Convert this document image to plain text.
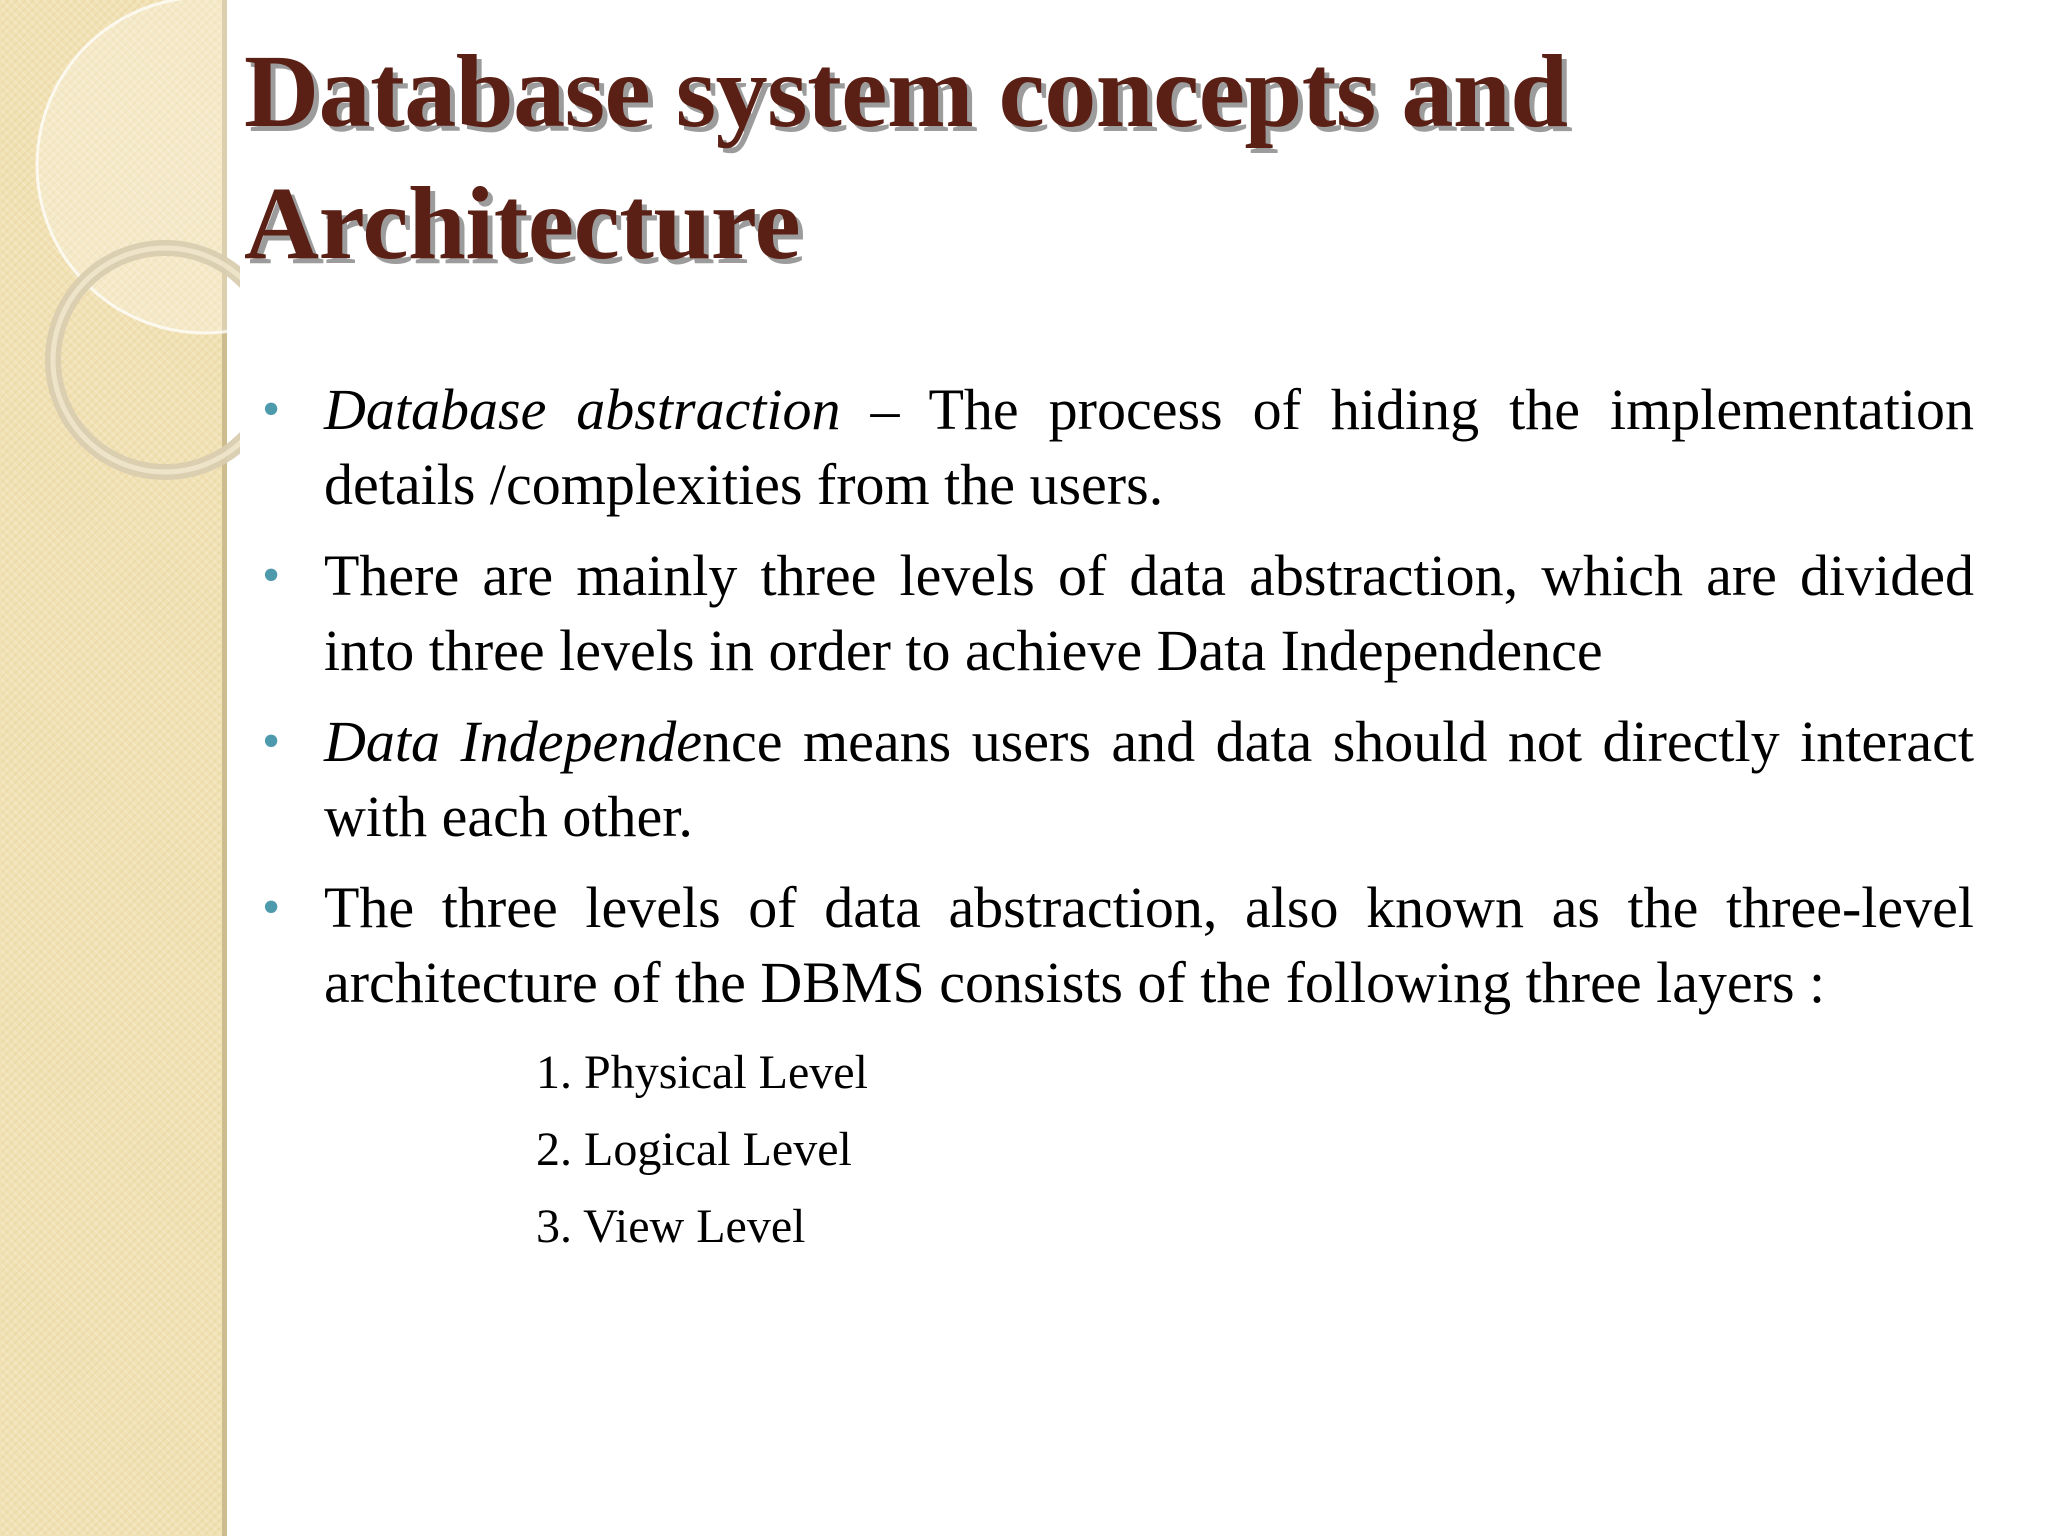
Database system concepts and
Architecture
• Database abstraction – The process of hiding the implementation details /complexities from the users.
• There are mainly three levels of data abstraction, which are divided into three levels in order to achieve Data Independence
• Data Independence means users and data should not directly interact with each other.
• The three levels of data abstraction, also known as the three-level architecture of the DBMS consists of the following three layers :
1. Physical Level
2. Logical Level
3. View Level
